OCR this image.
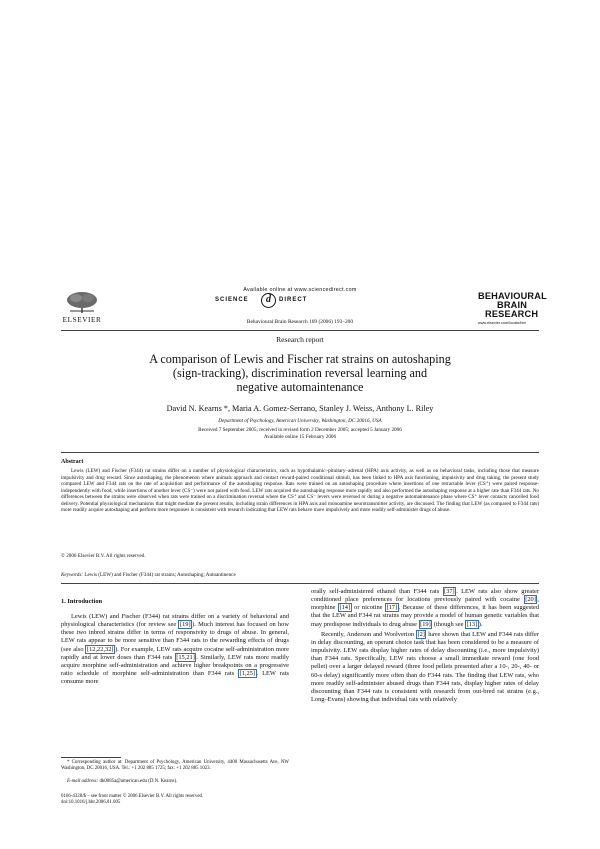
Available online at www.sciencedirect.com
SCIENCE	d	DIRECT
ELSEVIER	Behavioural Brain Research 169 (2006) 193–200
BEHAVIOURAL
BRAIN
RESEARCH
www.elsevier.com/locate/bbr
Research report
A comparison of Lewis and Fischer rat strains on autoshaping
(sign-tracking), discrimination reversal learning and
negative automaintenance
David N. Kearns *, Maria A. Gomez-Serrano, Stanley J. Weiss, Anthony L. Riley
Department of Psychology, American University, Washington, DC 20016, USA
Received 7 September 2005; received in revised form 2 December 2005; accepted 5 January 2006
Available online 15 February 2006
Abstract
Lewis (LEW) and Fischer (F344) rat strains differ on a number of physiological characteristics, such as hypothalamic–pituitary–adrenal (HPA) axis activity, as well as on behavioral tasks, including those that measure impulsivity and drug reward. Since autoshaping, the phenomenon where animals approach and contact reward-paired conditional stimuli, has been linked to HPA axis functioning, impulsivity and drug taking, the present study compared LEW and F344 rats on the rate of acquisition and performance of the autoshaping response. Rats were trained on an autoshaping procedure where insertions of one retractable lever (CS⁺) were paired response-independently with food, while insertions of another lever (CS⁻) were not paired with food. LEW rats acquired the autoshaping response more rapidly and also performed the autoshaping response at a higher rate than F344 rats. No differences between the strains were observed when rats were trained on a discrimination reversal where the CS⁺ and CS⁻ levers were reversed or during a negative automaintenance phase where CS⁺ lever contacts cancelled food delivery. Potential physiological mechanisms that might mediate the present results, including strain differences in HPA axis and monoamine neurotransmitter activity, are discussed. The finding that LEW (as compared to F344 rats) more readily acquire autoshaping and perform more responses is consistent with research indicating that LEW rats behave more impulsively and more readily self-administer drugs of abuse.
© 2006 Elsevier B.V. All rights reserved.
Keywords: Lewis (LEW) and Fischer (F344) rat strains; Autoshaping; Autoantinence
1. Introduction

Lewis (LEW) and Fischer (F344) rat strains differ on a variety of behavioral and physiological characteristics (for review see [19] ). Much interest has focused on how these two inbred strains differ in terms of responsivity to drugs of abuse. In general, LEW rats appear to be more sensitive than F344 rats to the rewarding effects of drugs (see also [12,22,32] ). For example, LEW rats acquire cocaine self-administration more rapidly and at lower doses than F344 rats [15,21] . Similarly, LEW rats more readily acquire morphine self-administration and achieve higher breakpoints on a progressive ratio schedule of morphine self-administration than F344 rats [1,25] . LEW rats consume more

orally self-administered ethanol than F344 rats [37] . LEW rats also show greater conditioned place preferences for locations previously paired with cocaine [20] , morphine [14] or nicotine [17] . Because of these differences, it has been suggested that the LEW and F344 rat strains may provide a model of human genetic variables that may predispose individuals to drug abuse [19] (though see [13] ).

Recently, Anderson and Woolverton [2] have shown that LEW and F344 rats differ in delay discounting, an operant choice task that has been considered to be a measure of impulsivity. LEW rats display higher rates of delay discounting (i.e., more impulsivity) than F344 rats. Specifically, LEW rats choose a small immediate reward (one food pellet) over a larger delayed reward (three food pellets presented after a 10-, 20-, 40- or 60-s delay) significantly more often than do F344 rats. The finding that LEW rats, who more readily self-administer abused drugs than F344 rats, display higher rates of delay discounting than F344 rats is consistent with research from out-bred rat strains (e.g., Long–Evans) showing that individual rats with relatively

* Corresponding author at: Department of Psychology, American University, 4400 Massachusetts Ave, NW Washington, DC 20016, USA. Tel.: +1 202 885 1725; fax: +1 202 885 1023.
E-mail address: dk0085a@american.edu (D.N. Kearns).
0166-4328/$ – see front matter © 2006 Elsevier B.V. All rights reserved.
doi:10.1016/j.bbr.2006.01.005
